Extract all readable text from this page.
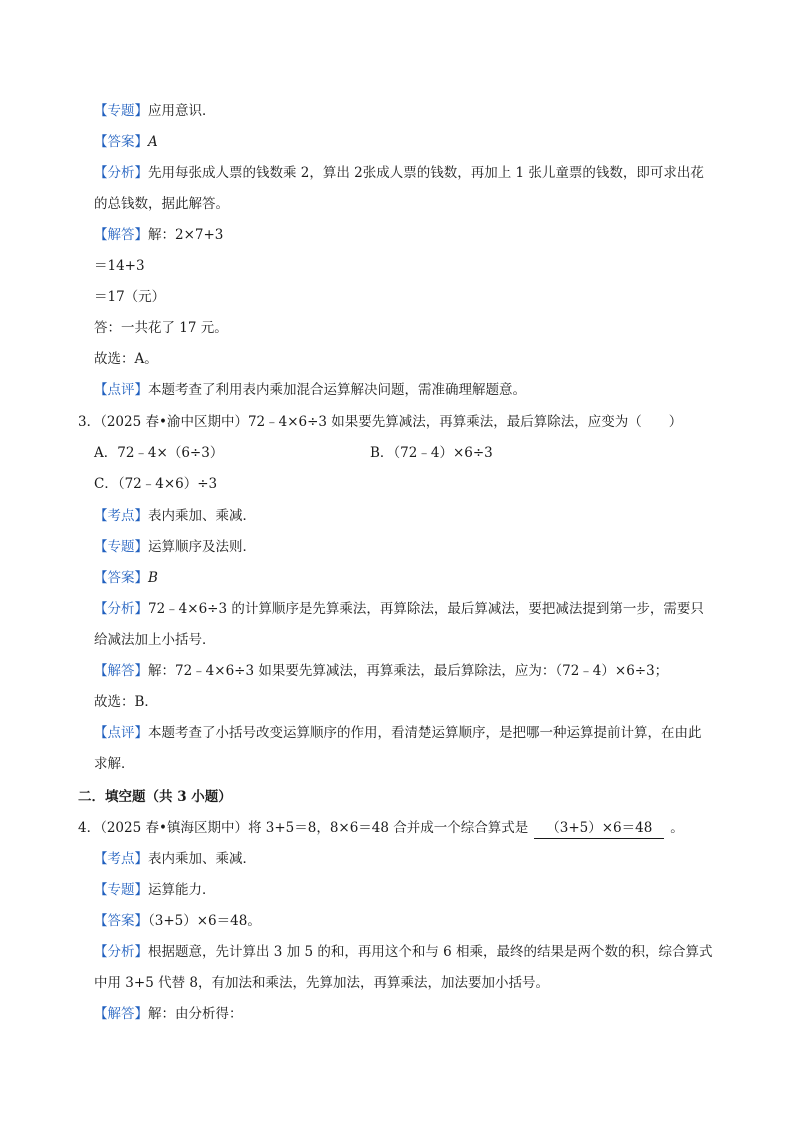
【专题】应用意识．
【答案】A
【分析】先用每张成人票的钱数乘 2，算出 2张成人票的钱数，再加上 1 张儿童票的钱数，即可求出花
的总钱数，据此解答。
【解答】解：2×7+3
＝14+3
＝17（元）
答：一共花了 17 元。
故选：A。
【点评】本题考查了利用表内乘加混合运算解决问题，需准确理解题意。
3．（2025 春•渝中区期中）72﹣4×6÷3 如果要先算减法，再算乘法，最后算除法，应变为（　　）
A．72﹣4×（6÷3）	B．（72﹣4）×6÷3
C．（72﹣4×6）÷3
【考点】表内乘加、乘减．
【专题】运算顺序及法则．
【答案】B
【分析】72﹣4×6÷3 的计算顺序是先算乘法，再算除法，最后算减法，要把减法提到第一步，需要只
给减法加上小括号．
【解答】解：72﹣4×6÷3 如果要先算减法，再算乘法，最后算除法，应为：（72﹣4）×6÷3；
故选：B．
【点评】本题考查了小括号改变运算顺序的作用，看清楚运算顺序，是把哪一种运算提前计算，在由此
求解．
二．填空题（共 3 小题）
4．（2025 春•镇海区期中）将 3+5＝8，8×6＝48 合并成一个综合算式是 （3+5）×6＝48 。
【考点】表内乘加、乘减．
【专题】运算能力．
【答案】（3+5）×6＝48。
【分析】根据题意，先计算出 3 加 5 的和，再用这个和与 6 相乘，最终的结果是两个数的积，综合算式
中用 3+5 代替 8，有加法和乘法，先算加法，再算乘法，加法要加小括号。
【解答】解：由分析得：
